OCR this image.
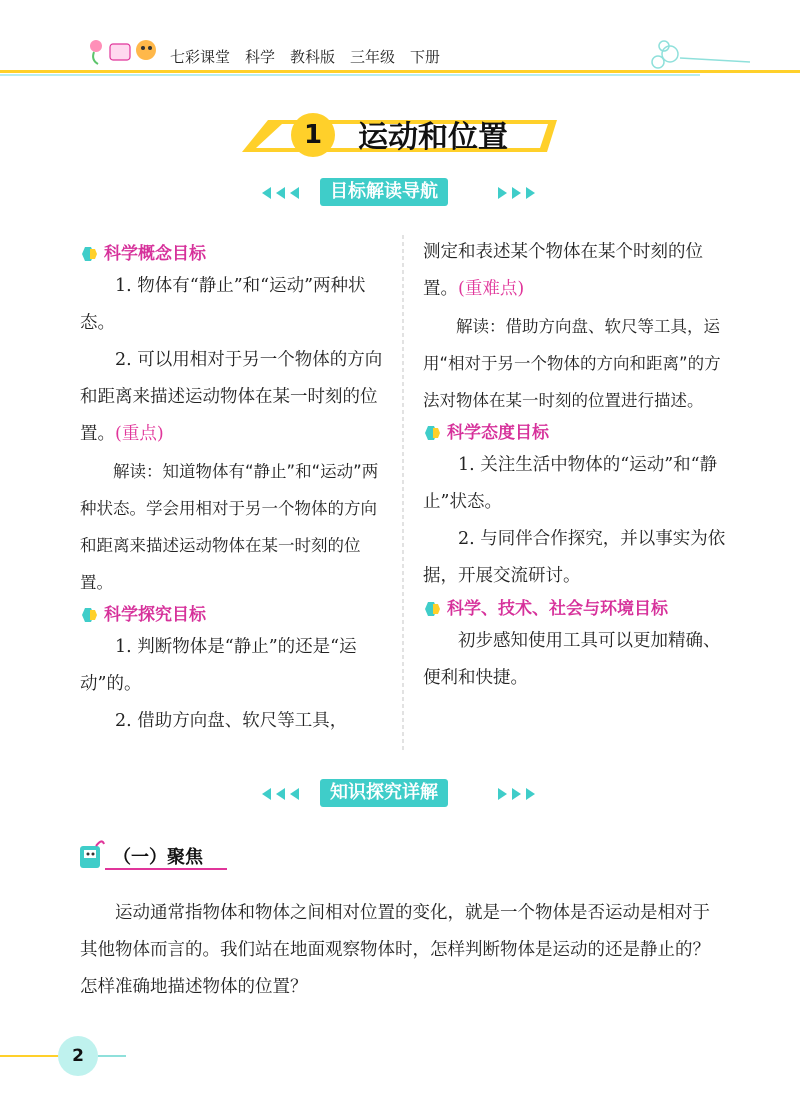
七彩课堂　科学　教科版　三年级　下册
1	运动和位置
目标解读导航
科学概念目标

1. 物体有“静止”和“运动”两种状态。

2. 可以用相对于另一个物体的方向和距离来描述运动物体在某一时刻的位置。(重点)

解读：知道物体有“静止”和“运动”两种状态。学会用相对于另一个物体的方向和距离来描述运动物体在某一时刻的位置。

科学探究目标

1. 判断物体是“静止”的还是“运动”的。

2. 借助方向盘、软尺等工具，

测定和表述某个物体在某个时刻的位置。(重难点)

解读：借助方向盘、软尺等工具，运用“相对于另一个物体的方向和距离”的方法对物体在某一时刻的位置进行描述。

科学态度目标

1. 关注生活中物体的“运动”和“静止”状态。

2. 与同伴合作探究，并以事实为依据，开展交流研讨。

科学、技术、社会与环境目标

初步感知使用工具可以更加精确、便利和快捷。

知识探究详解
（一）聚焦

运动通常指物体和物体之间相对位置的变化，就是一个物体是否运动是相对于其他物体而言的。我们站在地面观察物体时，怎样判断物体是运动的还是静止的？怎样准确地描述物体的位置？

2
